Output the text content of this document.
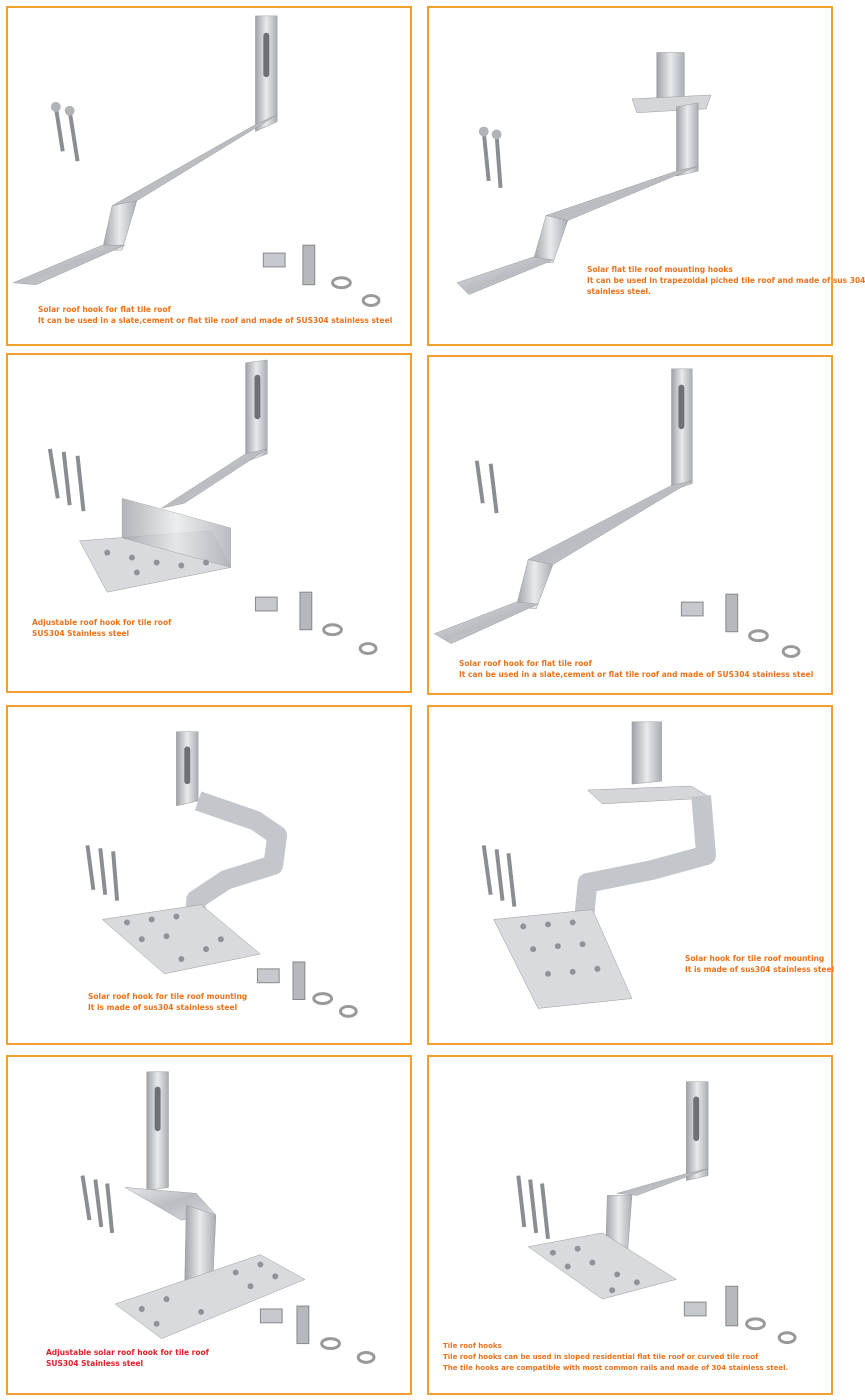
Solar roof hook for flat tile roof
It can be used in a slate,cement or flat tile roof and made of SUS304 stainless steel
Solar flat tile roof mounting hooks
It can be used in trapezoidal piched tile roof and made of sus 304
stainless steel.
Adjustable roof hook for tile roof
SUS304 Stainless steel
Solar roof hook for flat tile roof
It can be used in a slate,cement or flat tile roof and made of SUS304 stainless steel
Solar roof hook for tile roof mounting
It is made of sus304 stainless steel
Solar hook for tile roof mounting
It is made of sus304 stainless steel
Adjustable solar roof hook for tile roof
SUS304 Stainless steel
Tile roof hooks
Tile roof hooks can be used in sloped residential flat tile roof or curved tile roof
The tile hooks are compatible with most common rails and made of 304 stainless steel.
